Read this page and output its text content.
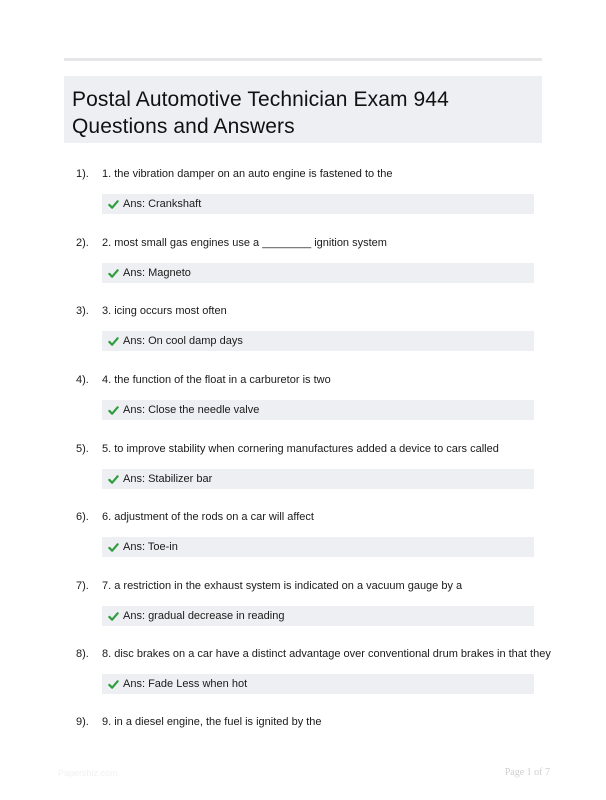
Postal Automotive Technician Exam 944
Questions and Answers
1). 1. the vibration damper on an auto engine is fastened to the
Ans: Crankshaft
2). 2. most small gas engines use a ________ ignition system
Ans: Magneto
3). 3. icing occurs most often
Ans: On cool damp days
4). 4. the function of the float in a carburetor is two
Ans: Close the needle valve
5). 5. to improve stability when cornering manufactures added a device to cars called
Ans: Stabilizer bar
6). 6. adjustment of the rods on a car will affect
Ans: Toe-in
7). 7. a restriction in the exhaust system is indicated on a vacuum gauge by a
Ans: gradual decrease in reading
8). 8. disc brakes on a car have a distinct advantage over conventional drum brakes in that they
Ans: Fade Less when hot
9). 9. in a diesel engine, the fuel is ignited by the
Papersbiz.com	Page 1 of 7
